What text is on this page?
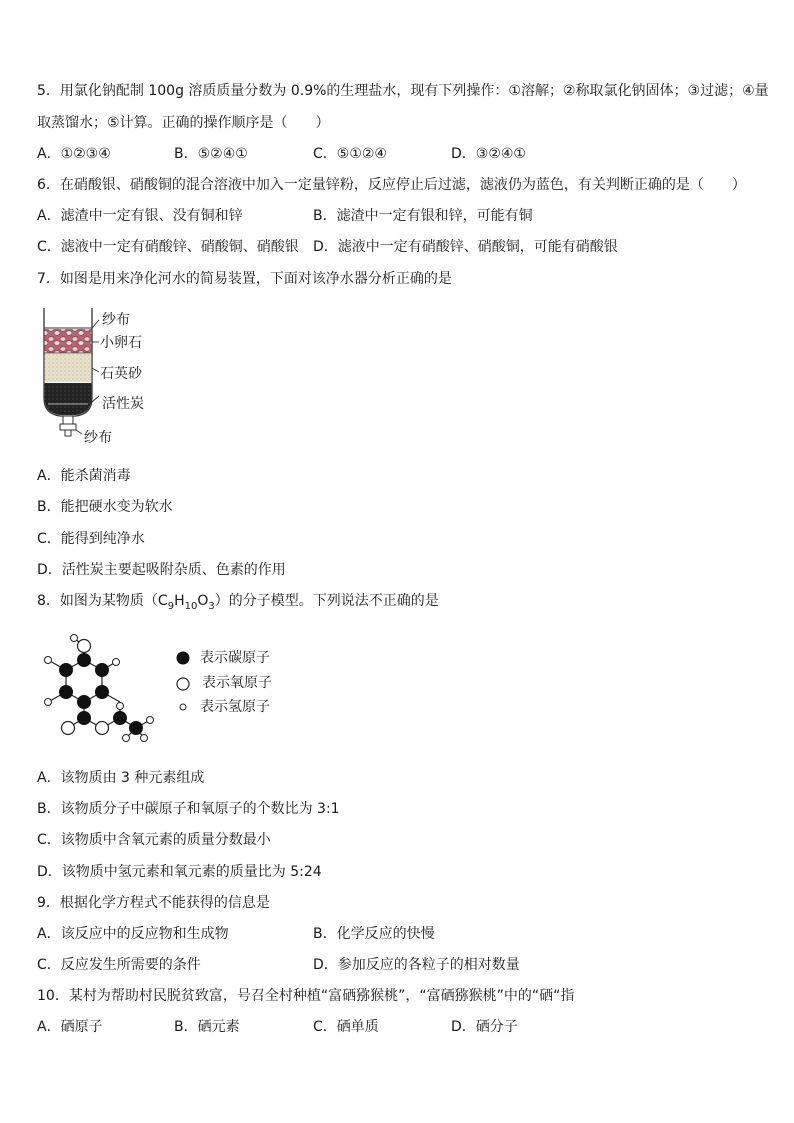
5．用氯化钠配制 100g 溶质质量分数为 0.9%的生理盐水，现有下列操作：①溶解；②称取氯化钠固体；③过滤；④量
取蒸馏水；⑤计算。正确的操作顺序是（　　）
A．①②③④	B．⑤②④①	C．⑤①②④	D．③②④①
6．在硝酸银、硝酸铜的混合溶液中加入一定量锌粉，反应停止后过滤，滤液仍为蓝色，有关判断正确的是（　　）
A．滤渣中一定有银、没有铜和锌	B．滤渣中一定有银和锌，可能有铜
C．滤液中一定有硝酸锌、硝酸铜、硝酸银 D．滤液中一定有硝酸锌、硝酸铜，可能有硝酸银
7．如图是用来净化河水的简易装置，下面对该净水器分析正确的是
纱布
小卵石
石英砂
活性炭
纱布
A．能杀菌消毒
B．能把硬水变为软水
C．能得到纯净水
D．活性炭主要起吸附杂质、色素的作用
8．如图为某物质$(C_9H_{10}O_3)$的分子模型。下列说法不正确的是
表示碳原子
表示氧原子
表示氢原子
A．该物质由 3 种元素组成
B．该物质分子中碳原子和氧原子的个数比为 3:1
C．该物质中含氧元素的质量分数最小
D．该物质中氢元素和氧元素的质量比为 5:24
9．根据化学方程式不能获得的信息是
A．该反应中的反应物和生成物	B．化学反应的快慢
C．反应发生所需要的条件	D．参加反应的各粒子的相对数量
10．某村为帮助村民脱贫致富，号召全村种植“富硒猕猴桃”，“富硒猕猴桃”中的“硒“指
A．硒原子	B．硒元素	C．硒单质	D．硒分子
